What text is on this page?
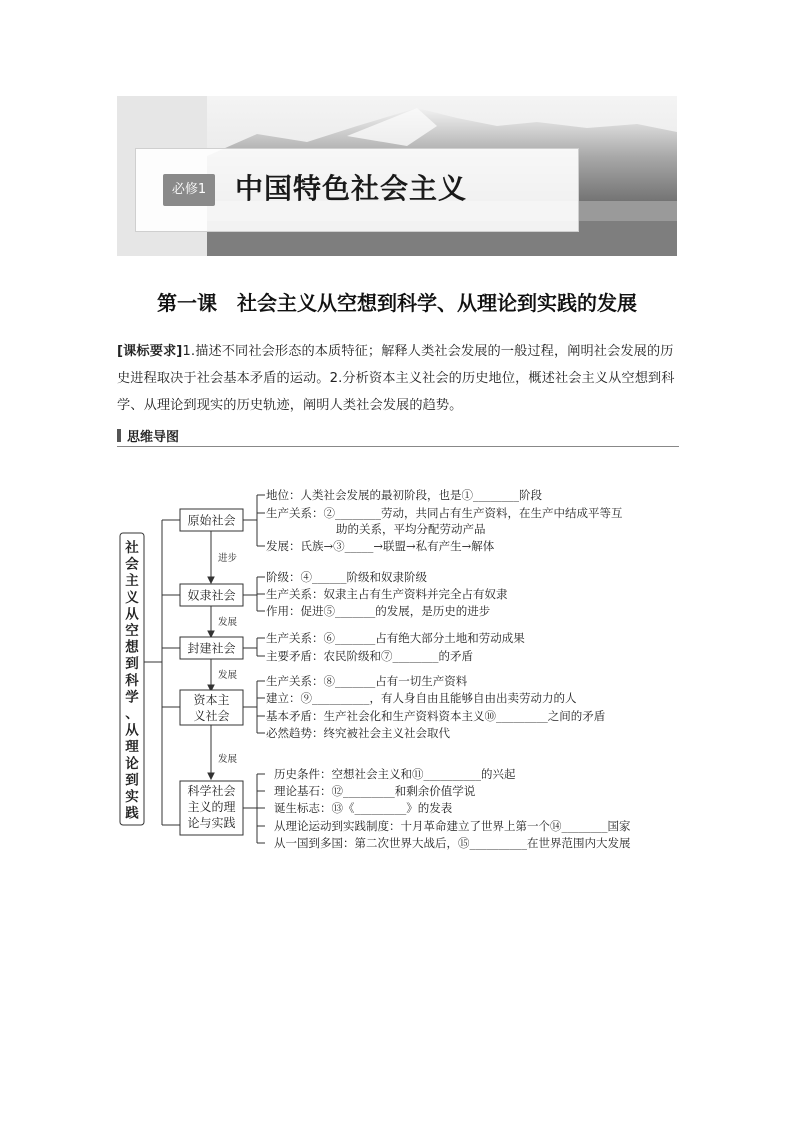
必修1	中国特色社会主义
第一课　社会主义从空想到科学、从理论到实践的发展
[课标要求]1.描述不同社会形态的本质特征；解释人类社会发展的一般过程，阐明社会发展的历史进程取决于社会基本矛盾的运动。2.分析资本主义社会的历史地位，概述社会主义从空想到科学、从理论到现实的历史轨迹，阐明人类社会发展的趋势。
思维导图
社会主义从空想到科学、从理论到实践
进步
发展
发展
发展
原始社会
奴隶社会
封建社会
资本主
义社会
科学社会
主义的理
论与实践
地位：人类社会发展的最初阶段，也是①________阶段
生产关系：②________劳动，共同占有生产资料，在生产中结成平等互
助的关系，平均分配劳动产品
发展：氏族→③_____→联盟→私有产生→解体
阶级：④______阶级和奴隶阶级
生产关系：奴隶主占有生产资料并完全占有奴隶
作用：促进⑤_______的发展，是历史的进步
生产关系：⑥_______占有绝大部分土地和劳动成果
主要矛盾：农民阶级和⑦________的矛盾
生产关系：⑧_______占有一切生产资料
建立：⑨__________，有人身自由且能够自由出卖劳动力的人
基本矛盾：生产社会化和生产资料资本主义⑩_________之间的矛盾
必然趋势：终究被社会主义社会取代
历史条件：空想社会主义和⑪__________的兴起
理论基石：⑫_________和剩余价值学说
诞生标志：⑬《_________》的发表
从理论运动到实践制度：十月革命建立了世界上第一个⑭________国家
从一国到多国：第二次世界大战后，⑮__________在世界范围内大发展
